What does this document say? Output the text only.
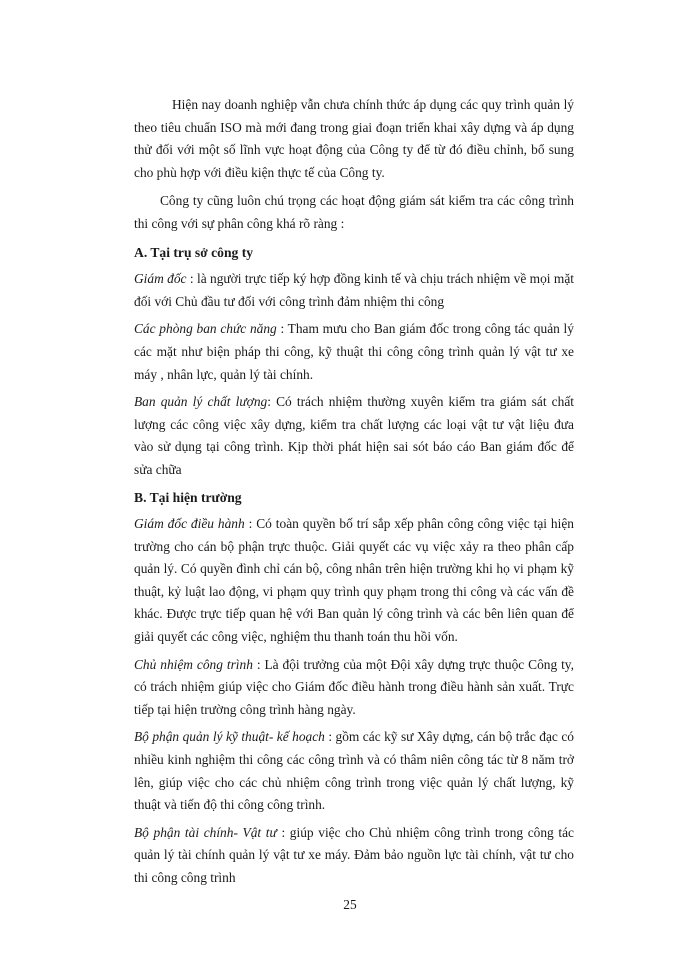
Hiện nay doanh nghiệp vẫn chưa chính thức áp dụng các quy trình quản lý theo tiêu chuẩn ISO mà mới đang trong giai đoạn triển khai xây dựng và áp dụng thử đối với một số lĩnh vực hoạt động của Công ty để từ đó điều chỉnh, bổ sung cho phù hợp với điều kiện thực tế của Công ty.

Công ty cũng luôn chú trọng các hoạt động giám sát kiểm tra các công trình thi công với sự phân công khá rõ ràng :

A. Tại trụ sở công ty

Giám đốc : là người trực tiếp ký hợp đồng kinh tế và chịu trách nhiệm về mọi mặt đối với Chủ đầu tư đối với công trình đảm nhiệm thi công

Các phòng ban chức năng : Tham mưu cho Ban giám đốc trong công tác quản lý các mặt như biện pháp thi công, kỹ thuật thi công công trình quản lý vật tư xe máy , nhân lực, quản lý tài chính.

Ban quản lý chất lượng: Có trách nhiệm thường xuyên kiểm tra giám sát chất lượng các công việc xây dựng, kiểm tra chất lượng các loại vật tư vật liệu đưa vào sử dụng tại công trình. Kịp thời phát hiện sai sót báo cáo Ban giám đốc để sửa chữa

B. Tại hiện trường

Giám đốc điều hành : Có toàn quyền bố trí sắp xếp phân công công việc tại hiện trường cho cán bộ phận trực thuộc. Giải quyết các vụ việc xảy ra theo phân cấp quản lý. Có quyền đình chỉ cán bộ, công nhân trên hiện trường khi họ vi phạm kỹ thuật, kỷ luật lao động, vi phạm quy trình quy phạm trong thi công và các vấn đề khác. Được trực tiếp quan hệ với Ban quản lý công trình và các bên liên quan để giải quyết các công việc, nghiệm thu thanh toán thu hồi vốn.

Chủ nhiệm công trình : Là đội trưởng của một Đội xây dựng trực thuộc Công ty, có trách nhiệm giúp việc cho Giám đốc điều hành trong điều hành sản xuất. Trực tiếp tại hiện trường công trình hàng ngày.

Bộ phận quản lý kỹ thuật- kế hoạch : gồm các kỹ sư Xây dựng, cán bộ trắc đạc có nhiều kinh nghiệm thi công các công trình và có thâm niên công tác từ 8 năm trở lên, giúp việc cho các chủ nhiệm công trình trong việc quản lý chất lượng, kỹ thuật và tiến độ thi công công trình.

Bộ phận tài chính- Vật tư : giúp việc cho Chủ nhiệm công trình trong công tác quản lý tài chính quản lý vật tư xe máy. Đảm bảo nguồn lực tài chính, vật tư cho thi công công trình

25
